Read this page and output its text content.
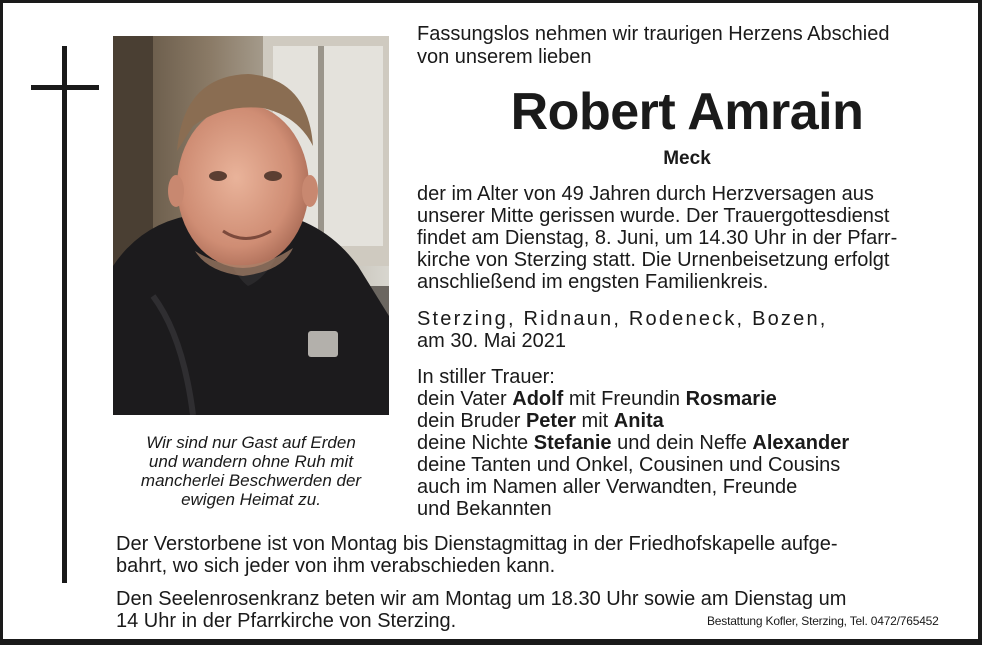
Wir sind nur Gast auf Erden
und wandern ohne Ruh mit
mancherlei Beschwerden der
ewigen Heimat zu.
Fassungslos nehmen wir traurigen Herzens Abschied
von unserem lieben
Robert Amrain
Meck
der im Alter von 49 Jahren durch Herzversagen aus
unserer Mitte gerissen wurde. Der Trauergottesdienst
findet am Dienstag, 8. Juni, um 14.30 Uhr in der Pfarr-
kirche von Sterzing statt. Die Urnenbeisetzung erfolgt
anschließend im engsten Familienkreis.
Sterzing, Ridnaun, Rodeneck, Bozen,
am 30. Mai 2021
In stiller Trauer:
dein Vater Adolf mit Freundin Rosmarie
dein Bruder Peter mit Anita
deine Nichte Stefanie und dein Neffe Alexander
deine Tanten und Onkel, Cousinen und Cousins
auch im Namen aller Verwandten, Freunde
und Bekannten
Der Verstorbene ist von Montag bis Dienstagmittag in der Friedhofskapelle aufge-
bahrt, wo sich jeder von ihm verabschieden kann.
Den Seelenrosenkranz beten wir am Montag um 18.30 Uhr sowie am Dienstag um
14 Uhr in der Pfarrkirche von Sterzing.	Bestattung Kofler, Sterzing, Tel. 0472/765452
